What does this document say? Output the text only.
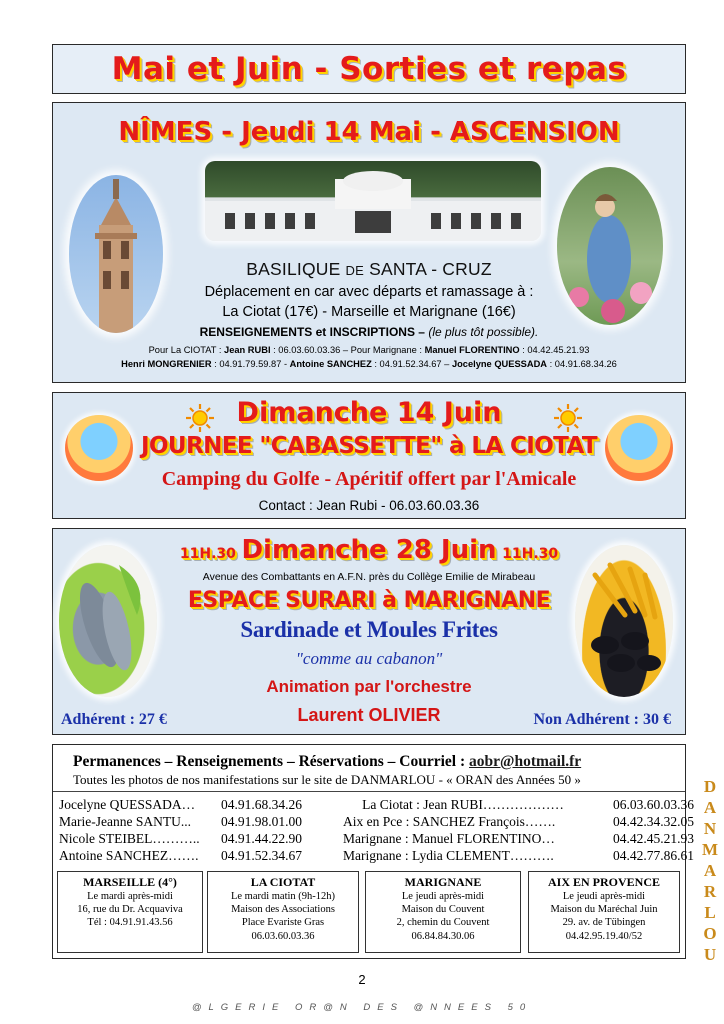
Mai et Juin - Sorties et repas
NÎMES - Jeudi 14 Mai - ASCENSION
BASILIQUE DE SANTA - CRUZ
Déplacement en car avec départs et ramassage à :
La Ciotat (17€) - Marseille et Marignane (16€)
RENSEIGNEMENTS et INSCRIPTIONS – (le plus tôt possible).
Pour La CIOTAT : Jean RUBI : 06.03.60.03.36 – Pour Marignane : Manuel FLORENTINO : 04.42.45.21.93
Henri MONGRENIER : 04.91.79.59.87 - Antoine SANCHEZ : 04.91.52.34.67 – Jocelyne QUESSADA : 04.91.68.34.26
Dimanche 14 Juin
JOURNEE "CABASSETTE" à LA CIOTAT
Camping du Golfe - Apéritif offert par l'Amicale
Contact : Jean Rubi - 06.03.60.03.36
11H.30 Dimanche 28 Juin 11H.30
Avenue des Combattants en A.F.N. près du Collège Emilie de Mirabeau
ESPACE SURARI à MARIGNANE
Sardinade et Moules Frites
"comme au cabanon"
Animation par l'orchestre
Laurent OLIVIER
Adhérent : 27 €	Non Adhérent : 30 €
Permanences – Renseignements – Réservations – Courriel : aobr@hotmail.fr
Toutes les photos de nos manifestations sur le site de DANMARLOU - « ORAN des Années 50 »
MARSEILLE (4°)
Le mardi après-midi
16, rue du Dr. Acquaviva
Tél : 04.91.91.43.56
LA CIOTAT
Le mardi matin (9h-12h)
Maison des Associations
Place Evariste Gras
06.03.60.03.36
MARIGNANE
Le jeudi après-midi
Maison du Couvent
2, chemin du Couvent
06.84.84.30.06
AIX EN PROVENCE
Le jeudi après-midi
Maison du Maréchal Juin
29. av. de Tübingen
04.42.95.19.40/52
Jocelyne QUESSADA…	04.91.68.34.26
Marie-Jeanne SANTU...	04.91.98.01.00
Nicole STEIBEL………..	04.91.44.22.90
Antoine SANCHEZ…….	04.91.52.34.67
La Ciotat : Jean RUBI………………	06.03.60.03.36
Aix en Pce : SANCHEZ François…….	04.42.34.32.05
Marignane : Manuel FLORENTINO…	04.42.45.21.93
Marignane : Lydia CLEMENT……….	04.42.77.86.61
2
@LGERIE OR@N DES @NNEES 50
DANMARLOU
